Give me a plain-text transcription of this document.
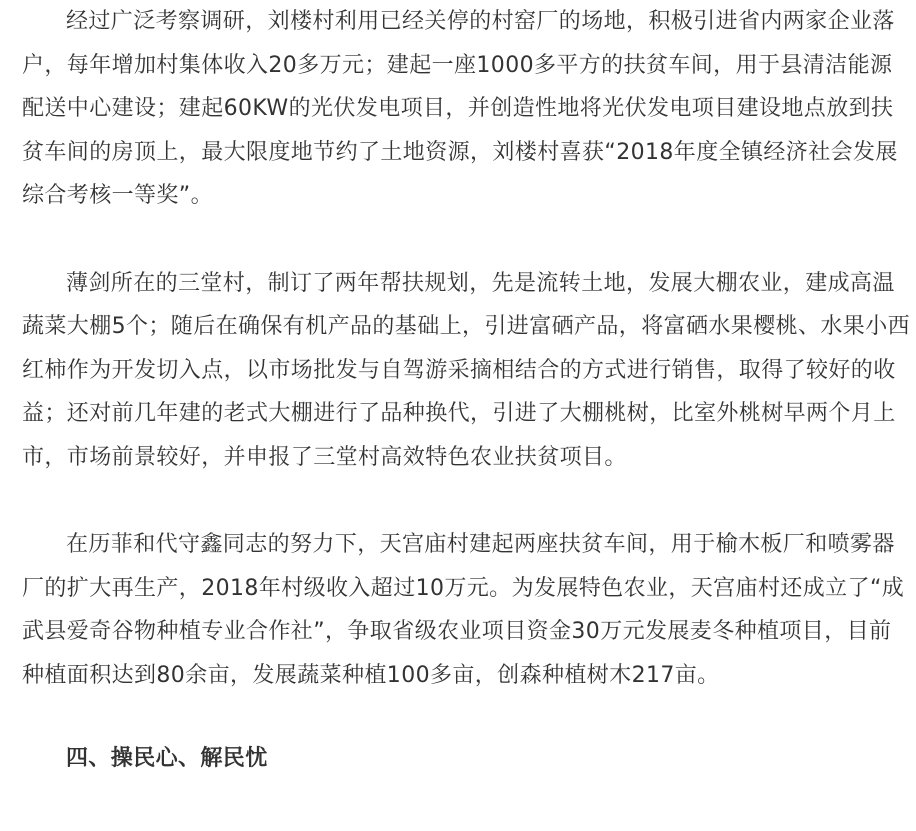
经过广泛考察调研，刘楼村利用已经关停的村窑厂的场地，积极引进省内两家企业落户，每年增加村集体收入20多万元；建起一座1000多平方的扶贫车间，用于县清洁能源配送中心建设；建起60KW的光伏发电项目，并创造性地将光伏发电项目建设地点放到扶贫车间的房顶上，最大限度地节约了土地资源，刘楼村喜获“2018年度全镇经济社会发展综合考核一等奖”。

薄剑所在的三堂村，制订了两年帮扶规划，先是流转土地，发展大棚农业，建成高温蔬菜大棚5个；随后在确保有机产品的基础上，引进富硒产品，将富硒水果樱桃、水果小西红柿作为开发切入点，以市场批发与自驾游采摘相结合的方式进行销售，取得了较好的收益；还对前几年建的老式大棚进行了品种换代，引进了大棚桃树，比室外桃树早两个月上市，市场前景较好，并申报了三堂村高效特色农业扶贫项目。

在历菲和代守鑫同志的努力下，天宫庙村建起两座扶贫车间，用于榆木板厂和喷雾器厂的扩大再生产，2018年村级收入超过10万元。为发展特色农业，天宫庙村还成立了“成武县爱奇谷物种植专业合作社”，争取省级农业项目资金30万元发展麦冬种植项目，目前种植面积达到80余亩，发展蔬菜种植100多亩，创森种植树木217亩。

四、操民心、解民忧
